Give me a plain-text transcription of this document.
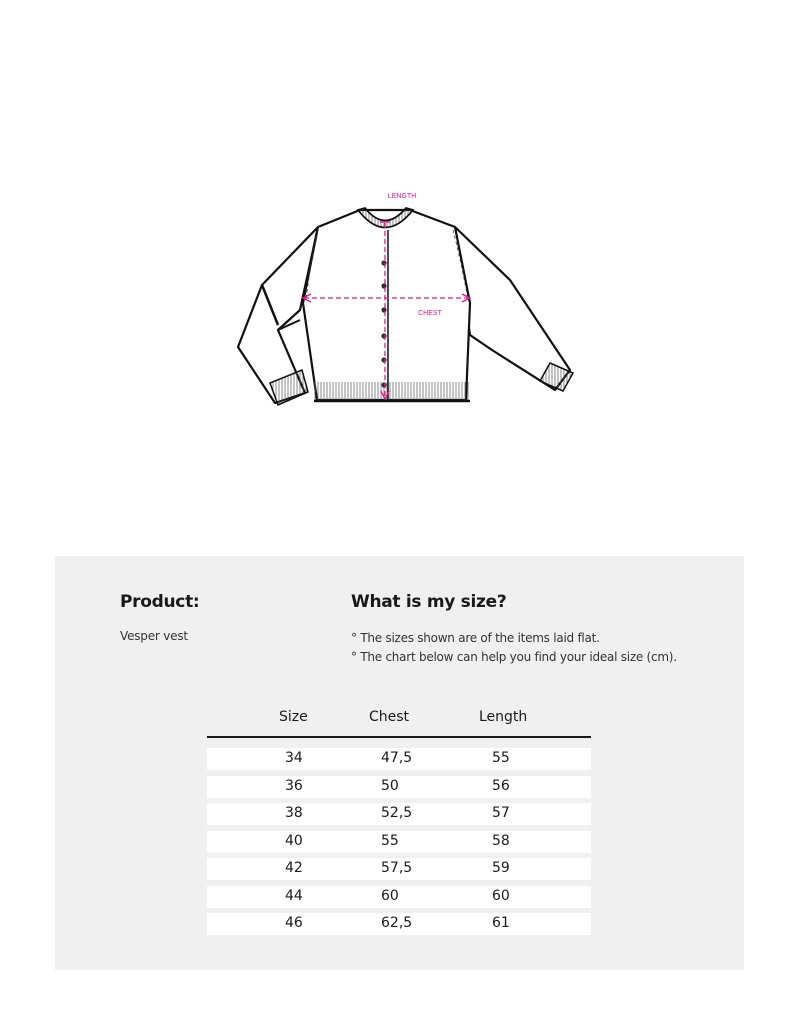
LENGTH
CHEST
Product:
Vesper vest
What is my size?
° The sizes shown are of the items laid flat.
° The chart below can help you find your ideal size (cm).
Size	Chest	Length
34	47,5	55
36	50	56
38	52,5	57
40	55	58
42	57,5	59
44	60	60
46	62,5	61
